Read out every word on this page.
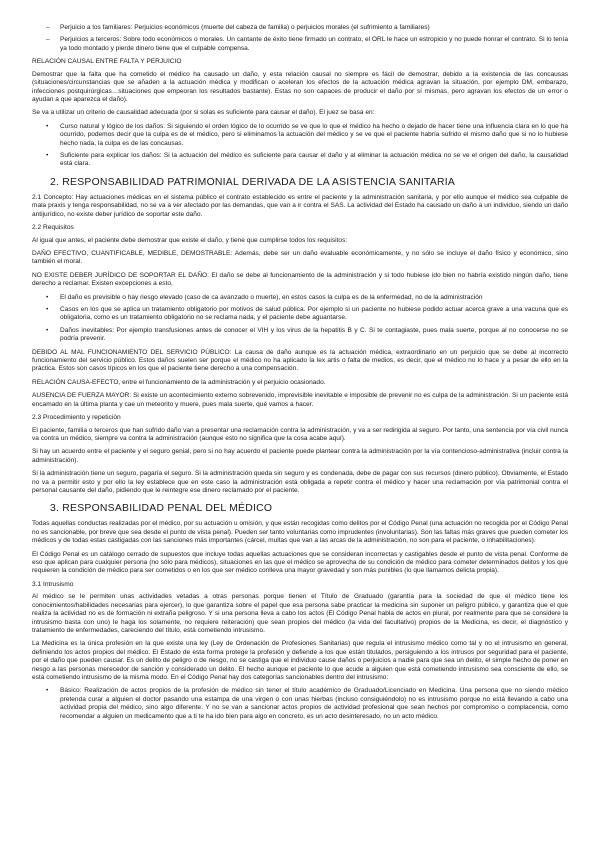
– Perjuicio a los familiares: Perjuicios económicos (muerte del cabeza de familia) o perjuicios morales (el sufrimiento a familiares)
– Perjuicios a terceros: Sobre todo económicos o morales. Un cantante de éxito tiene firmado un contrato, el ORL le hace un estropicio y no puede honrar el contrato. Si lo tenía ya todo montado y pierde dinero tiene que el culpable compensa.
RELACIÓN CAUSAL ENTRE FALTA Y PERJUICIO

Demostrar que la falta que ha cometido el médico ha causado un daño, y esta relación causal no siempre es fácil de demostrar, debido a la existencia de las concausas (situaciones/circunstancias que se añaden a la actuación médica y modifican o aceleran los efectos de la actuación médica agravan la situación, por ejemplo DM, embarazo, infecciones postquirúrgicas…situaciones que empeoran los resultados bastante). Estas no son capaces de producir el daño por sí mismas, pero agravan los efectos de un error o ayudan a que aparezca el daño).

Se va a utilizar un criterio de causalidad adecuada (por si solas es suficiente para causar el daño). El juez se basa en:

• Curso natural y lógico de los daños: Si siguiendo el orden lógico de lo ocurrido se ve que lo que el médico ha hecho o dejado de hacer tiene una influencia clara en lo que ha ocurrido, podemos decir que la culpa es de el médico, pero si eliminamos la actuación del médico y se ve que el paciente habría sufrido el mismo daño que si no lo hubiese hecho nada, la culpa es de las concausas.
• Suficiente para explicar los daños: Si la actuación del médico es suficiente para causar el daño y al eliminar la actuación médica no se ve el origen del daño, la causalidad está clara.
2. RESPONSABILIDAD PATRIMONIAL DERIVADA DE LA ASISTENCIA SANITARIA

2.1 Concepto: Hay actuaciones médicas en el sistema público el contrato establecido es entre el paciente y la administración sanitaria, y por ello aunque el médico sea culpable de mala praxis y tenga responsabilidad, no se va a ver afectado por las demandas, que van a ir contra el SAS. La actividad del Estado ha causado un daño a un individuo, siendo un daño antijurídico, no existe deber jurídico de soportar este daño.

2.2 Requisitos

Al igual que antes, el paciente debe demostrar que existe el daño, y tiene que cumplirse todos los requisitos:

DAÑO EFECTIVO, CUANTIFICABLE, MEDIBLE, DEMOSTRABLE: Además, debe ser un daño evaluable económicamente, y no sólo se incluye el daño físico y económico, sino también el moral.

NO EXISTE DEBER JURÍDICO DE SOPORTAR EL DAÑO: El daño se debe al funcionamiento de la administración y si todo hubiese ido bien no habría existido ningún daño, tiene derecho a reclamar. Existen excepciones a esto,

• El daño es previsible o hay riesgo elevado (caso de ca avanzado o muerte), en estos casos la culpa es de la enfermedad, no de la administración
• Casos en los que se aplica un tratamiento obligatorio por motivos de salud pública. Por ejemplo si un paciente no hubiese podido actuar acerca grave a una vacuna que es obligatoria, como es un tratamiento obligatorio no se reclama nada, y el paciente debe aguantarse.
• Daños inevitables: Por ejemplo transfusiones antes de conocer el VIH y los virus de la hepatitis B y C. Si te contagiaste, pues mala suerte, porque al no conocerse no se podría prevenir.

DEBIDO AL MAL FUNCIONAMIENTO DEL SERVICIO PÚBLICO: La causa de daño aunque es la actuación médica, extraordinario en un perjuicio que se debe al incorrecto funcionamiento del servicio público. Estos daños suelen ser porque el médico no ha aplicado la lex artis o falta de medios, es decir, que el médico no lo hace y a pesar de ello en la práctica. Estos son casos típicos en los que el paciente tiene derecho a una compensación.

RELACIÓN CAUSA-EFECTO, entre el funcionamiento de la administración y el perjuicio ocasionado.

AUSENCIA DE FUERZA MAYOR: Si existe un acontecimiento externo sobrevenido, imprevisible inevitable e imposible de prevenir no es culpa de la administración. Si un paciente está encamado en la última planta y cae un meteorito y muere, pues mala suerte, qué vamos a hacer.

2.3 Procedimiento y repetición

El paciente, familia o terceros que han sufrido daño van a presentar una reclamación contra la administración, y va a ser redirigida al seguro. Por tanto, una sentencia por vía civil nunca va contra un médico, siempre va contra la administración (aunque esto no significa que la cosa acabe aquí).

Si hay un acuerdo entre el paciente y el seguro genial, pero si no hay acuerdo el paciente puede plantear contra la administración por la vía contencioso-administrativa (incluir contra la administración).

Si la administración tiene un seguro, pagaría el seguro. Si la administración queda sin seguro y es condenada, debe de pagar con sus recursos (dinero público). Obviamente, el Estado no va a permitir esto y por ello la ley establece que en este caso la administración está obligada a repetir contra el médico y hacer una reclamación por vía patrimonial contra el personal causante del daño, pidiendo que le reintegre ese dinero reclamado por el paciente.

3. RESPONSABILIDAD PENAL DEL MÉDICO

Todas aquellas conductas realizadas por el médico, por su actuación u omisión, y que están recogidas como delitos por el Código Penal (una actuación no recogida por el Código Penal no es sancionable, por breve que sea desde el punto de vista penal). Pueden ser tanto voluntarias como imprudentes (involuntarias). Son las faltas más graves que pueden cometer los médicos y de todas estas castigadas con las sanciones más importantes (cárcel, multas que van a las arcas de la administración, no son para el paciente, o inhabilitaciones).

El Código Penal es un catálogo cerrado de supuestos que incluye todas aquellas actuaciones que se consideran incorrectas y castigables desde el punto de vista penal. Conforme de eso que aplican para cualquier persona (no sólo para médicos), situaciones en las que el médico se aprovecha de su condición de médico para cometer determinados delitos y los que requieren la condición de médico para ser cometidos o en los que ser médico conlleva una mayor gravedad y son más punibles (lo que llamamos delicta propia).

3.1 Intrusismo

Al médico se le permiten unas actividades vetadas a otras personas porque tienen el Título de Graduado (garantía para la sociedad de que el médico tiene los conocimientos/habilidades necesarias para ejercer), lo que garantiza sobre el papel que esa persona sabe practicar la medicina sin suponer un peligro público, y garantiza que el que realiza la actividad no es de formación ni extraña peligroso. Y si una persona lleva a cabo los actos (El Código Penal habla de actos en plural, por realmente para que se considere la intrusismo basta con uno) le haga los solamente, no requiere reiteración) que sean propios del médico (la vida del facultativo) propios de la Medicina, es decir, el diagnóstico y tratamiento de enfermedades, careciendo del título, está cometiendo intrusismo.

La Medicina es la única profesión en la que existe una ley (Ley de Ordenación de Profesiones Sanitarias) que regula el intrusismo médico como tal y no el intrusismo en general, definiendo los actos propios del médico. El Estado de esta forma protege la profesión y defiende a los que están titulados, persiguiendo a los intrusos por seguridad para el paciente, por el daño que pueden causar. Es un delito de peligro o de riesgo, no se castiga que el individuo cause daños o perjuicios a nadie para que sea un delito, el simple hecho de poner en riesgo a las personas merecedor de sanción y considerado un delito. El hecho aunque el paciente lo que acude a alguien que está cometiendo intrusismo sea consciente de ello, se está cometiendo intrusismo de la misma modo. En el Código Penal hay dos categorías sancionables dentro del intrusismo:

• Básico: Realización de actos propios de la profesión de médico sin tener el título académico de Graduado/Licenciado en Medicina. Una persona que no siendo médico pretenda curar a alguien el doctor pasando una estampa de una virgen o con unas hierbas (incluso consiguiéndolo) no es intrusismo porque no está llevando a cabo una actividad propia del médico, sino algo diferente. Y no se van a sancionar actos propios de actividad profesional que sean hechos por compromiso o complacencia, como recomendar a alguien un medicamento que a ti te ha ido bien para algo en concreto, es un acto desinteresado, no un acto médico.
